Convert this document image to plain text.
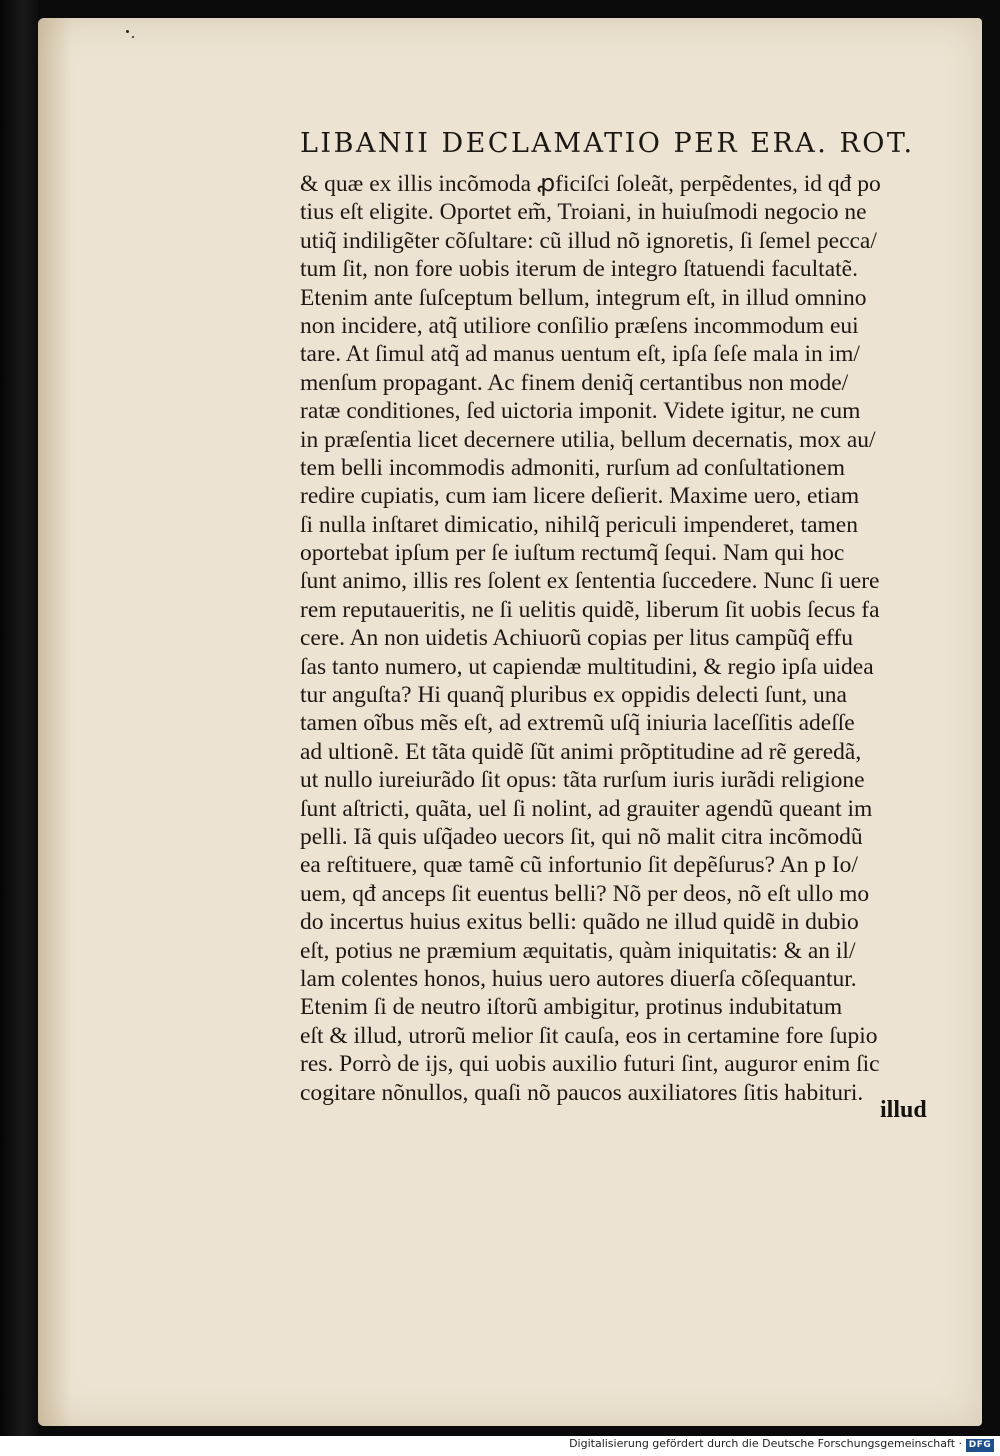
LIBANII DECLAMATIO PER ERA. ROT.
& quæ ex illis incõmoda ꝓficiſci ſoleãt, perpẽdentes, id qđ po
tius eſt eligite. Oportet em̃, Troiani, in huiuſmodi negocio ne
utiq̃ indiligẽter cõſultare: cũ illud nõ ignoretis, ſi ſemel pecca/
tum ſit, non fore uobis iterum de integro ſtatuendi facultatẽ.
Etenim ante ſuſceptum bellum, integrum eſt, in illud omnino
non incidere, atq̃ utiliore conſilio præſens incommodum eui
tare. At ſimul atq̃ ad manus uentum eſt, ipſa ſeſe mala in im/
menſum propagant. Ac finem deniq̃ certantibus non mode/
ratæ conditiones, ſed uictoria imponit. Videte igitur, ne cum
in præſentia licet decernere utilia, bellum decernatis, mox au/
tem belli incommodis admoniti, rurſum ad conſultationem
redire cupiatis, cum iam licere deſierit. Maxime uero, etiam
ſi nulla inſtaret dimicatio, nihilq̃ periculi impenderet, tamen
oportebat ipſum per ſe iuſtum rectumq̃ ſequi. Nam qui hoc
ſunt animo, illis res ſolent ex ſententia ſuccedere. Nunc ſi uere
rem reputaueritis, ne ſi uelitis quidẽ, liberum ſit uobis ſecus fa
cere. An non uidetis Achiuorũ copias per litus campũq̃ effu
ſas tanto numero, ut capiendæ multitudini, & regio ipſa uidea
tur anguſta? Hi quanq̃ pluribus ex oppidis delecti ſunt, una
tamen oĩbus mẽs eſt, ad extremũ uſq̃ iniuria laceſſitis adeſſe
ad ultionẽ. Et tãta quidẽ ſũt animi prõptitudine ad rẽ geredã,
ut nullo iureiurãdo ſit opus: tãta rurſum iuris iurãdi religione
ſunt aſtricti, quãta, uel ſi nolint, ad grauiter agendũ queant im
pelli. Iã quis uſq̃adeo uecors ſit, qui nõ malit citra incõmodũ
ea reſtituere, quæ tamẽ cũ infortunio ſit depẽſurus? An p Io/
uem, qđ anceps ſit euentus belli? Nõ per deos, nõ eſt ullo mo
do incertus huius exitus belli: quãdo ne illud quidẽ in dubio
eſt, potius ne præmium æquitatis, quàm iniquitatis: & an il/
lam colentes honos, huius uero autores diuerſa cõſequantur.
Etenim ſi de neutro iſtorũ ambigitur, protinus indubitatum
eſt & illud, utrorũ melior ſit cauſa, eos in certamine fore ſupio
res. Porrò de ijs, qui uobis auxilio futuri ſint, auguror enim ſic
cogitare nõnullos, quaſi nõ paucos auxiliatores ſitis habituri.
illud
Digitalisierung gefördert durch die Deutsche Forschungsgemeinschaft · DFG
